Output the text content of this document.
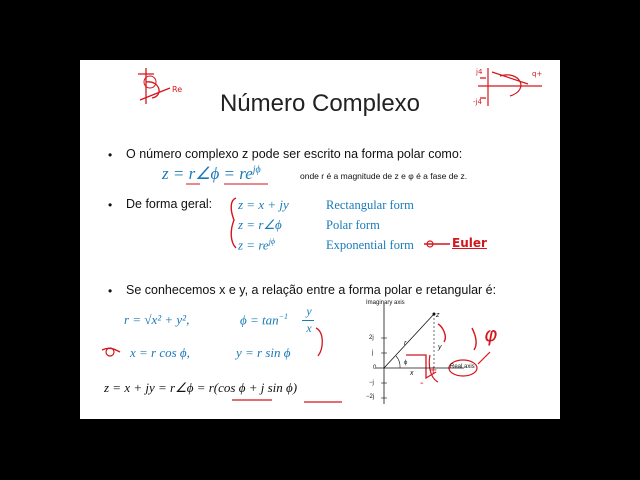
Re
j4
-j4
q+
Número Complexo
• O número complexo z pode ser escrito na forma polar como:
z = r∠ϕ = $re^{j\phi}$
onde r é a magnitude de z e φ é a fase de z.
• De forma geral: z = x + jy	Rectangular form
z = r∠ϕ	Polar form
$z = re^{j\phi}$	Exponential form	Euler
• Se conhecemos x e y, a relação entre a forma polar e retangular é:
r = √x² + y²,	$\phi = \tan^{-1} y$
x
x = r cos ϕ,	y = r sin ϕ
z = x + jy = r∠ϕ = r(cos ϕ + j sin ϕ)
Imaginary axis
Real axis
2j
j
0
−j
−2j
r
ϕ
y
x
z
φ
+
-
